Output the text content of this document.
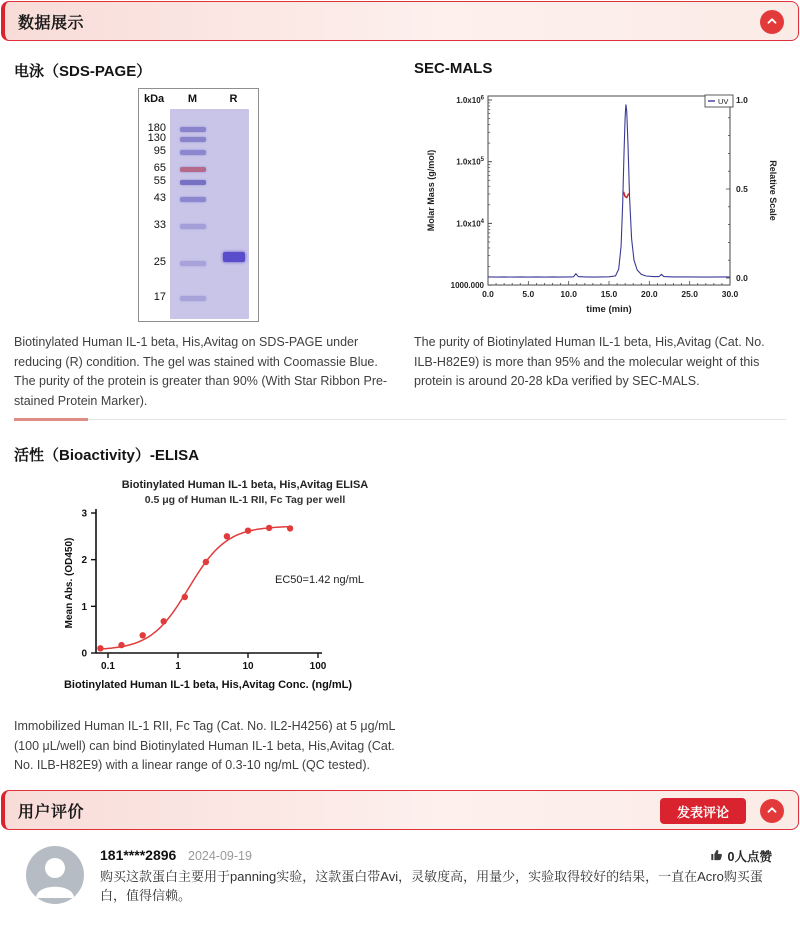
数据展示
电泳（SDS-PAGE）
kDa	M	R
180
130
95
65
55
43
33
25
17

Biotinylated Human IL-1 beta, His,Avitag on SDS-PAGE under reducing (R) condition. The gel was stained with Coomassie Blue. The purity of the protein is greater than 90% (With Star Ribbon Pre-stained Protein Marker).

SEC-MALS
0.0	5.0	10.0	15.0	20.0	25.0	30.0
$1.0x10^6$
$1.0x10^5$
$1.0x10^4$
1000.000
1.0
0.5
0.0
Molar Mass (g/mol)	Relative Scale
time (min)
UV

The purity of Biotinylated Human IL-1 beta, His,Avitag (Cat. No. ILB-H82E9) is more than 95% and the molecular weight of this protein is around 20-28 kDa verified by SEC-MALS.

活性（Bioactivity）-ELISA
Biotinylated Human IL-1 beta, His,Avitag ELISA
0.5 μg of Human IL-1 RII, Fc Tag per well
0
1
2
3
0.1	1	10	100
Mean Abs. (OD450)
Biotinylated Human IL-1 beta, His,Avitag Conc. (ng/mL)
EC50=1.42 ng/mL

Immobilized Human IL-1 RII, Fc Tag (Cat. No. IL2-H4256) at 5 μg/mL (100 μL/well) can bind Biotinylated Human IL-1 beta, His,Avitag (Cat. No. ILB-H82E9) with a linear range of 0.3-10 ng/mL (QC tested).

用户评价	发表评论
181****2896 2024-09-19	0人点赞

购买这款蛋白主要用于panning实验，这款蛋白带Avi，灵敏度高，用量少，实验取得较好的结果，一直在Acro购买蛋白，值得信赖。
